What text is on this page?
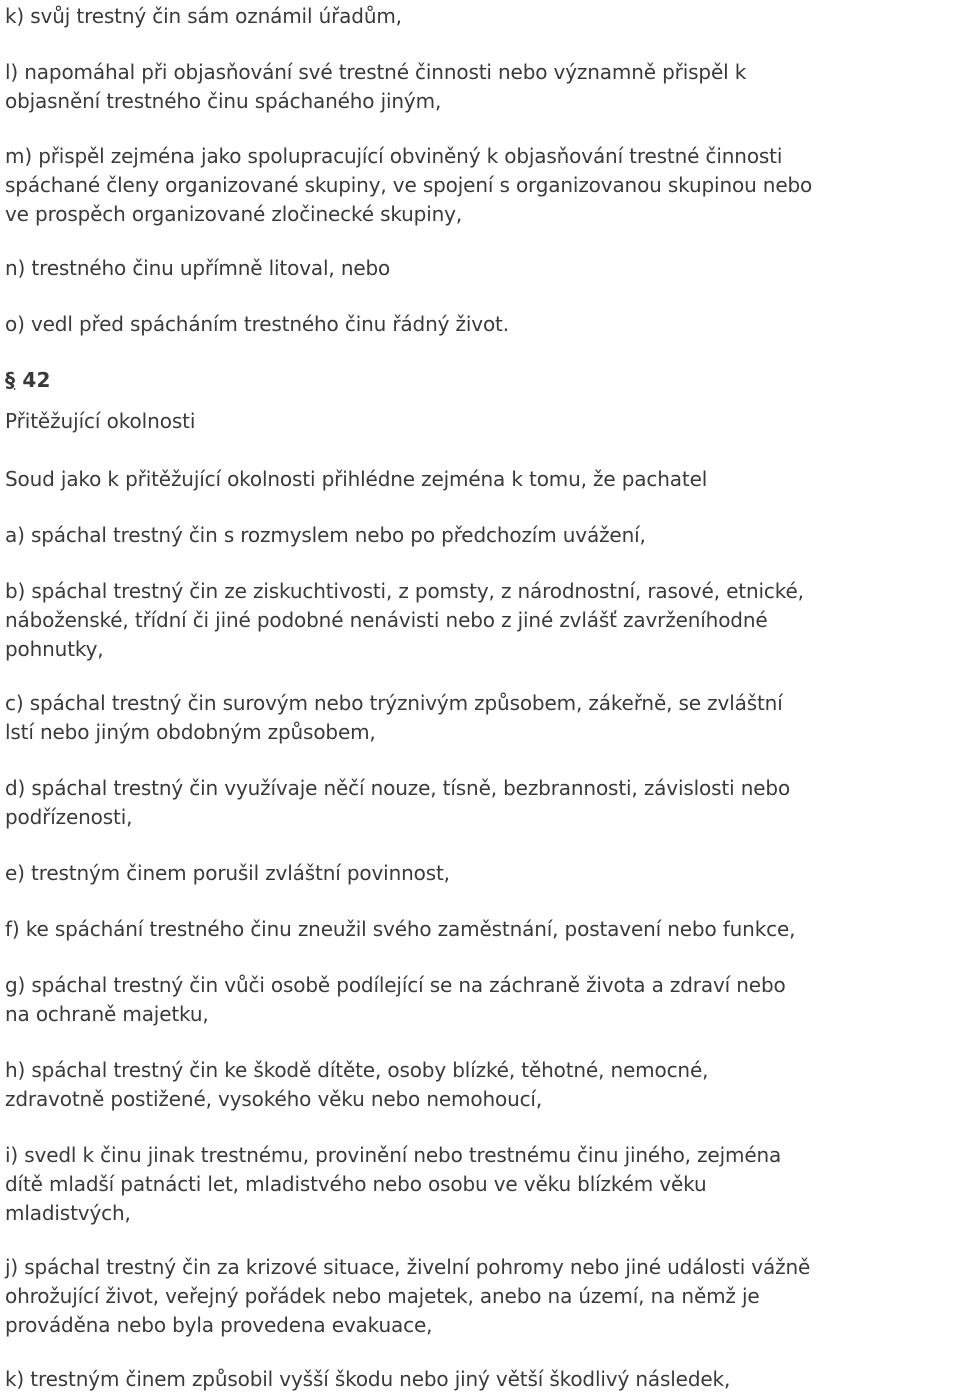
k) svůj trestný čin sám oznámil úřadům,

l) napomáhal při objasňování své trestné činnosti nebo významně přispěl k
objasnění trestného činu spáchaného jiným,

m) přispěl zejména jako spolupracující obviněný k objasňování trestné činnosti
spáchané členy organizované skupiny, ve spojení s organizovanou skupinou nebo
ve prospěch organizované zločinecké skupiny,

n) trestného činu upřímně litoval, nebo

o) vedl před spácháním trestného činu řádný život.

§ 42
Přitěžující okolnosti

Soud jako k přitěžující okolnosti přihlédne zejména k tomu, že pachatel

a) spáchal trestný čin s rozmyslem nebo po předchozím uvážení,

b) spáchal trestný čin ze ziskuchtivosti, z pomsty, z národnostní, rasové, etnické,
náboženské, třídní či jiné podobné nenávisti nebo z jiné zvlášť zavrženíhodné
pohnutky,

c) spáchal trestný čin surovým nebo trýznivým způsobem, zákeřně, se zvláštní
lstí nebo jiným obdobným způsobem,

d) spáchal trestný čin využívaje něčí nouze, tísně, bezbrannosti, závislosti nebo
podřízenosti,

e) trestným činem porušil zvláštní povinnost,

f) ke spáchání trestného činu zneužil svého zaměstnání, postavení nebo funkce,

g) spáchal trestný čin vůči osobě podílející se na záchraně života a zdraví nebo
na ochraně majetku,

h) spáchal trestný čin ke škodě dítěte, osoby blízké, těhotné, nemocné,
zdravotně postižené, vysokého věku nebo nemohoucí,

i) svedl k činu jinak trestnému, provinění nebo trestnému činu jiného, zejména
dítě mladší patnácti let, mladistvého nebo osobu ve věku blízkém věku
mladistvých,

j) spáchal trestný čin za krizové situace, živelní pohromy nebo jiné události vážně
ohrožující život, veřejný pořádek nebo majetek, anebo na území, na němž je
prováděna nebo byla provedena evakuace,

k) trestným činem způsobil vyšší škodu nebo jiný větší škodlivý následek,
